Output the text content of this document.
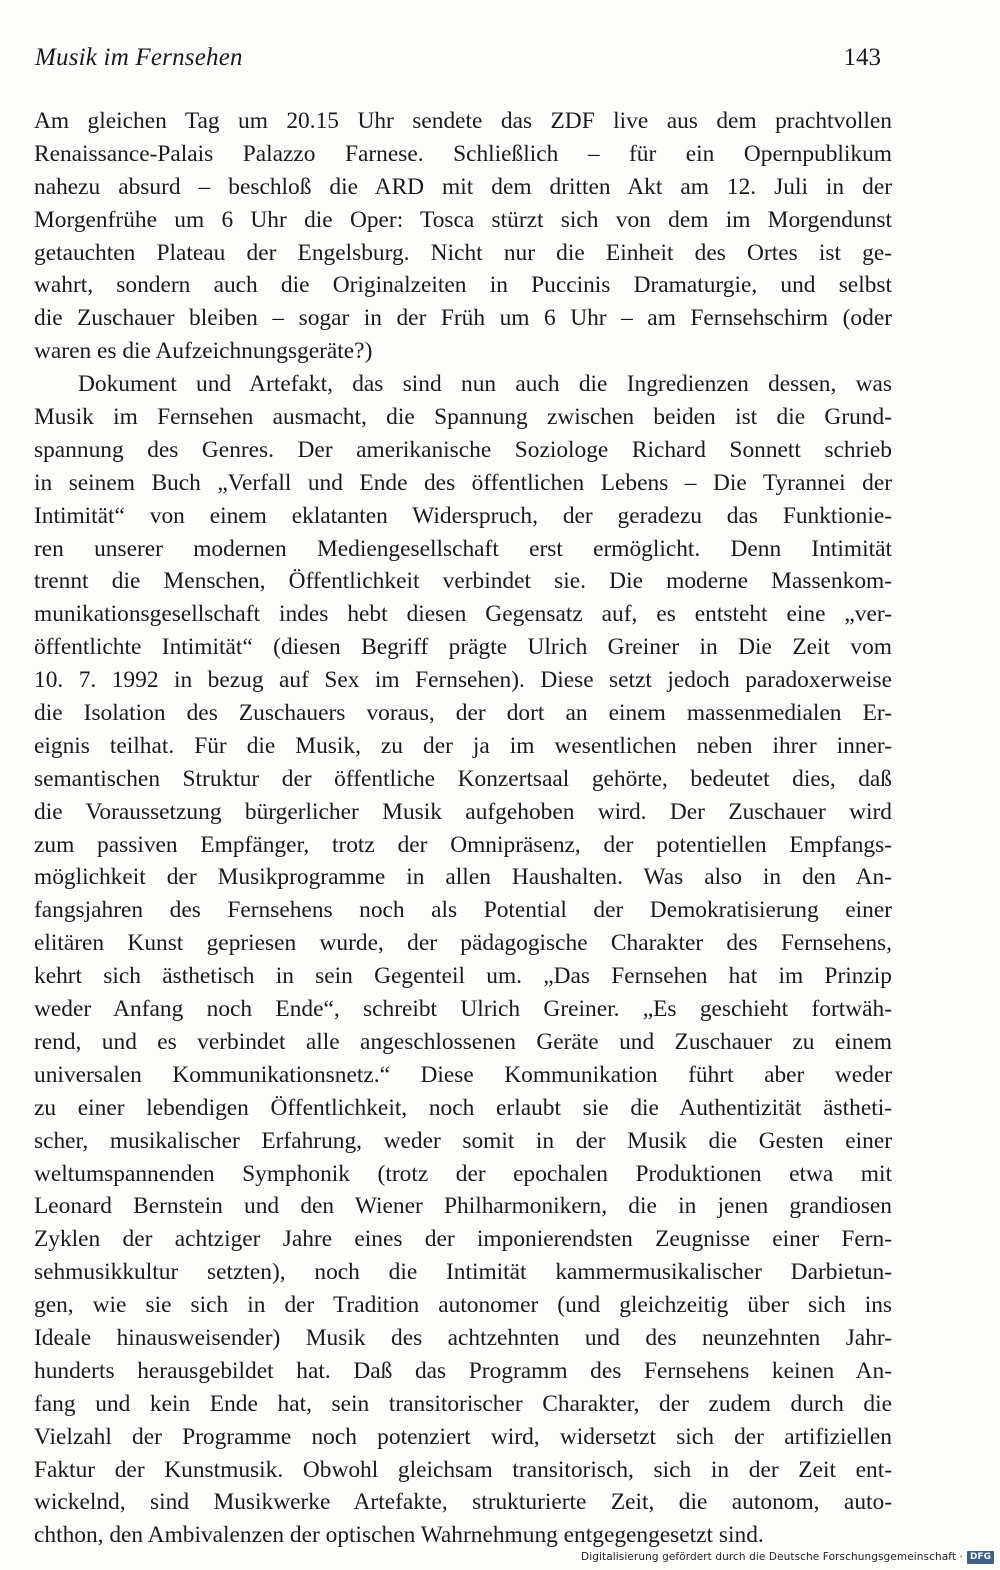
Musik im Fernsehen	143

Am gleichen Tag um 20.15 Uhr sendete das ZDF live aus dem prachtvollen
Renaissance-Palais Palazzo Farnese. Schließlich – für ein Opernpublikum
nahezu absurd – beschloß die ARD mit dem dritten Akt am 12. Juli in der
Morgenfrühe um 6 Uhr die Oper: Tosca stürzt sich von dem im Morgendunst
getauchten Plateau der Engelsburg. Nicht nur die Einheit des Ortes ist ge-
wahrt, sondern auch die Originalzeiten in Puccinis Dramaturgie, und selbst
die Zuschauer bleiben – sogar in der Früh um 6 Uhr – am Fernsehschirm (oder
waren es die Aufzeichnungsgeräte?)

Dokument und Artefakt, das sind nun auch die Ingredienzen dessen, was
Musik im Fernsehen ausmacht, die Spannung zwischen beiden ist die Grund-
spannung des Genres. Der amerikanische Soziologe Richard Sonnett schrieb
in seinem Buch „Verfall und Ende des öffentlichen Lebens – Die Tyrannei der
Intimität“ von einem eklatanten Widerspruch, der geradezu das Funktionie-
ren unserer modernen Mediengesellschaft erst ermöglicht. Denn Intimität
trennt die Menschen, Öffentlichkeit verbindet sie. Die moderne Massenkom-
munikationsgesellschaft indes hebt diesen Gegensatz auf, es entsteht eine „ver-
öffentlichte Intimität“ (diesen Begriff prägte Ulrich Greiner in Die Zeit vom
10. 7. 1992 in bezug auf Sex im Fernsehen). Diese setzt jedoch paradoxerweise
die Isolation des Zuschauers voraus, der dort an einem massenmedialen Er-
eignis teilhat. Für die Musik, zu der ja im wesentlichen neben ihrer inner-
semantischen Struktur der öffentliche Konzertsaal gehörte, bedeutet dies, daß
die Voraussetzung bürgerlicher Musik aufgehoben wird. Der Zuschauer wird
zum passiven Empfänger, trotz der Omnipräsenz, der potentiellen Empfangs-
möglichkeit der Musikprogramme in allen Haushalten. Was also in den An-
fangsjahren des Fernsehens noch als Potential der Demokratisierung einer
elitären Kunst gepriesen wurde, der pädagogische Charakter des Fernsehens,
kehrt sich ästhetisch in sein Gegenteil um. „Das Fernsehen hat im Prinzip
weder Anfang noch Ende“, schreibt Ulrich Greiner. „Es geschieht fortwäh-
rend, und es verbindet alle angeschlossenen Geräte und Zuschauer zu einem
universalen Kommunikationsnetz.“ Diese Kommunikation führt aber weder
zu einer lebendigen Öffentlichkeit, noch erlaubt sie die Authentizität ästheti-
scher, musikalischer Erfahrung, weder somit in der Musik die Gesten einer
weltumspannenden Symphonik (trotz der epochalen Produktionen etwa mit
Leonard Bernstein und den Wiener Philharmonikern, die in jenen grandiosen
Zyklen der achtziger Jahre eines der imponierendsten Zeugnisse einer Fern-
sehmusikkultur setzten), noch die Intimität kammermusikalischer Darbietun-
gen, wie sie sich in der Tradition autonomer (und gleichzeitig über sich ins
Ideale hinausweisender) Musik des achtzehnten und des neunzehnten Jahr-
hunderts herausgebildet hat. Daß das Programm des Fernsehens keinen An-
fang und kein Ende hat, sein transitorischer Charakter, der zudem durch die
Vielzahl der Programme noch potenziert wird, widersetzt sich der artifiziellen
Faktur der Kunstmusik. Obwohl gleichsam transitorisch, sich in der Zeit ent-
wickelnd, sind Musikwerke Artefakte, strukturierte Zeit, die autonom, auto-
chthon, den Ambivalenzen der optischen Wahrnehmung entgegengesetzt sind.

Digitalisierung gefördert durch die Deutsche Forschungsgemeinschaft · DFG
